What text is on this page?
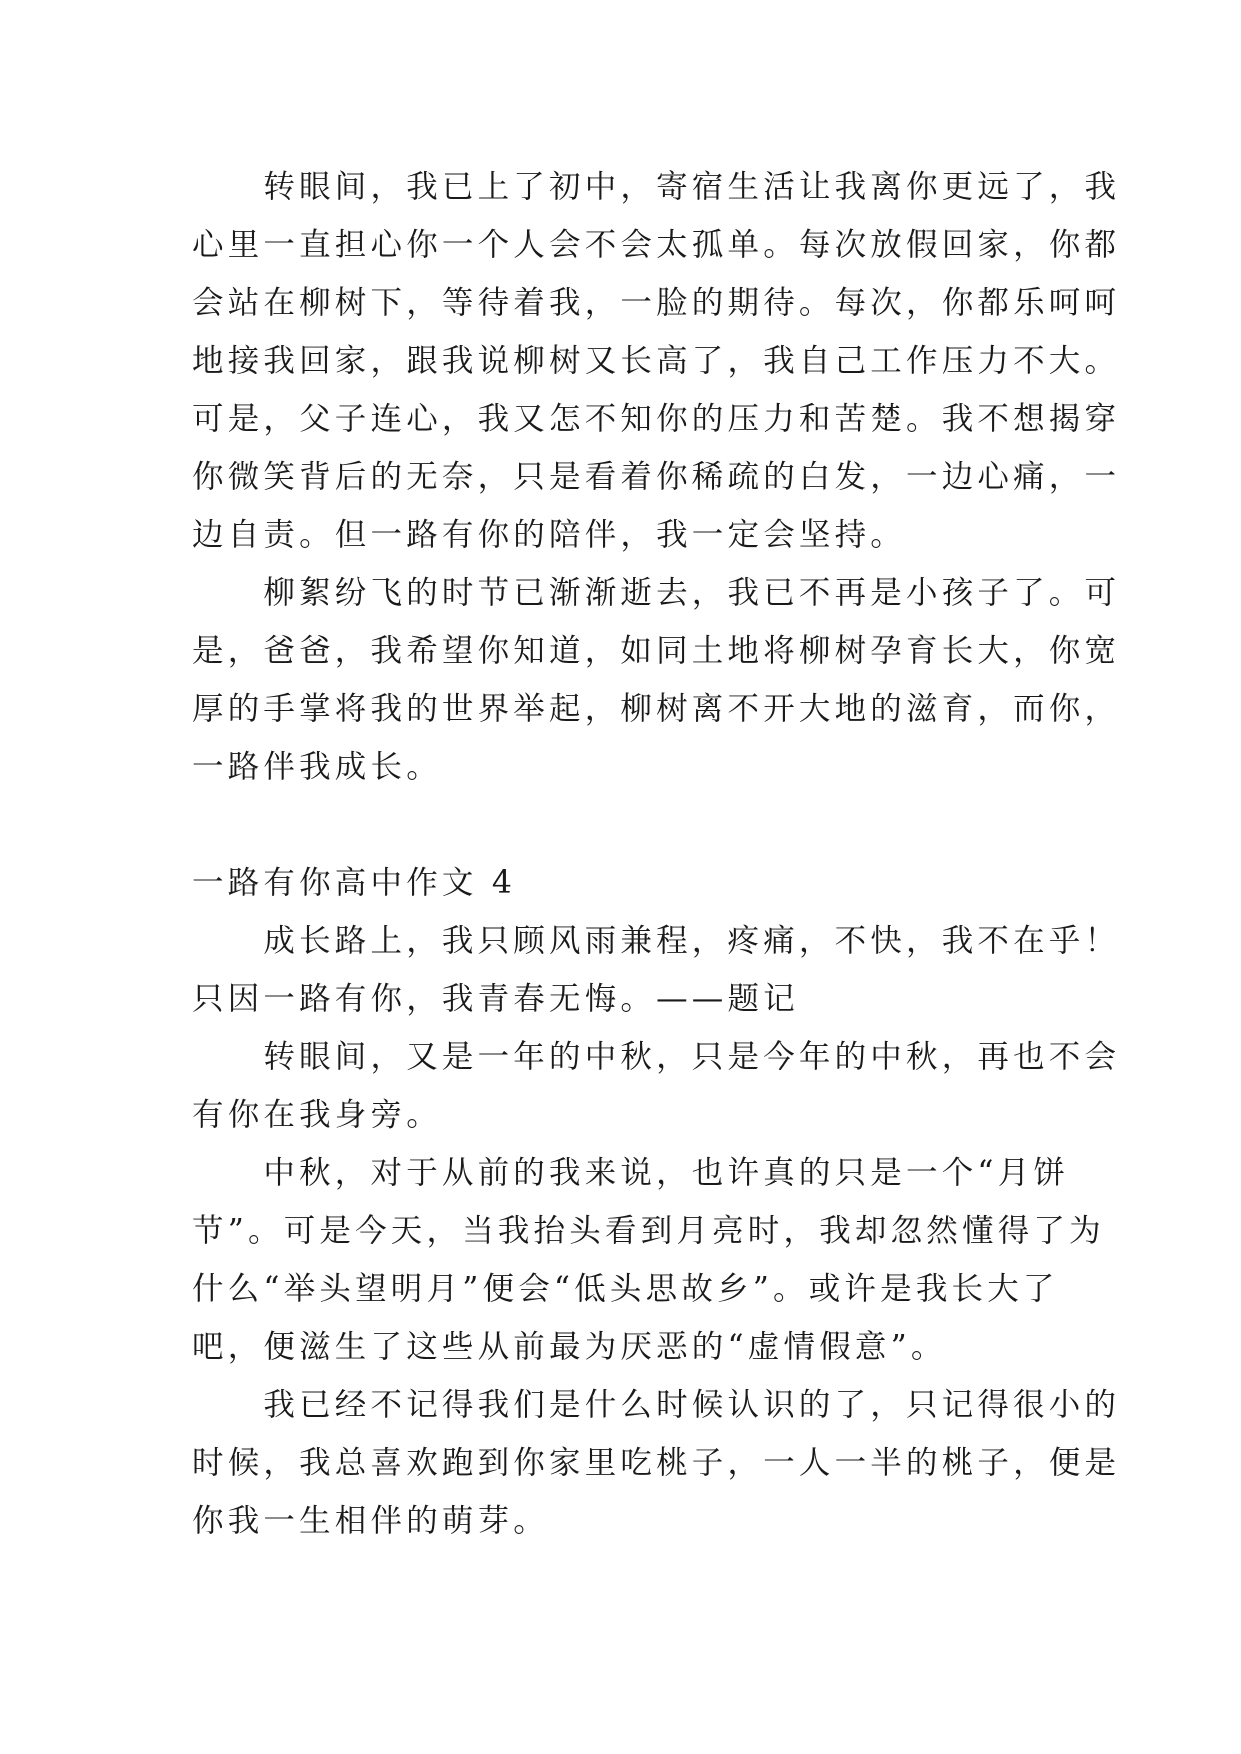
　　转眼间，我已上了初中，寄宿生活让我离你更远了，我
心里一直担心你一个人会不会太孤单。每次放假回家，你都
会站在柳树下，等待着我，一脸的期待。每次，你都乐呵呵
地接我回家，跟我说柳树又长高了，我自己工作压力不大。
可是，父子连心，我又怎不知你的压力和苦楚。我不想揭穿
你微笑背后的无奈，只是看着你稀疏的白发，一边心痛，一
边自责。但一路有你的陪伴，我一定会坚持。
　　柳絮纷飞的时节已渐渐逝去，我已不再是小孩子了。可
是，爸爸，我希望你知道，如同土地将柳树孕育长大，你宽
厚的手掌将我的世界举起，柳树离不开大地的滋育，而你，
一路伴我成长。
一路有你高中作文 4
　　成长路上，我只顾风雨兼程，疼痛，不快，我不在乎！
只因一路有你，我青春无悔。——题记
　　转眼间，又是一年的中秋，只是今年的中秋，再也不会
有你在我身旁。
　　中秋，对于从前的我来说，也许真的只是一个“月饼
节”。可是今天，当我抬头看到月亮时，我却忽然懂得了为
什么“举头望明月”便会“低头思故乡”。或许是我长大了
吧，便滋生了这些从前最为厌恶的“虚情假意”。
　　我已经不记得我们是什么时候认识的了，只记得很小的
时候，我总喜欢跑到你家里吃桃子，一人一半的桃子，便是
你我一生相伴的萌芽。
